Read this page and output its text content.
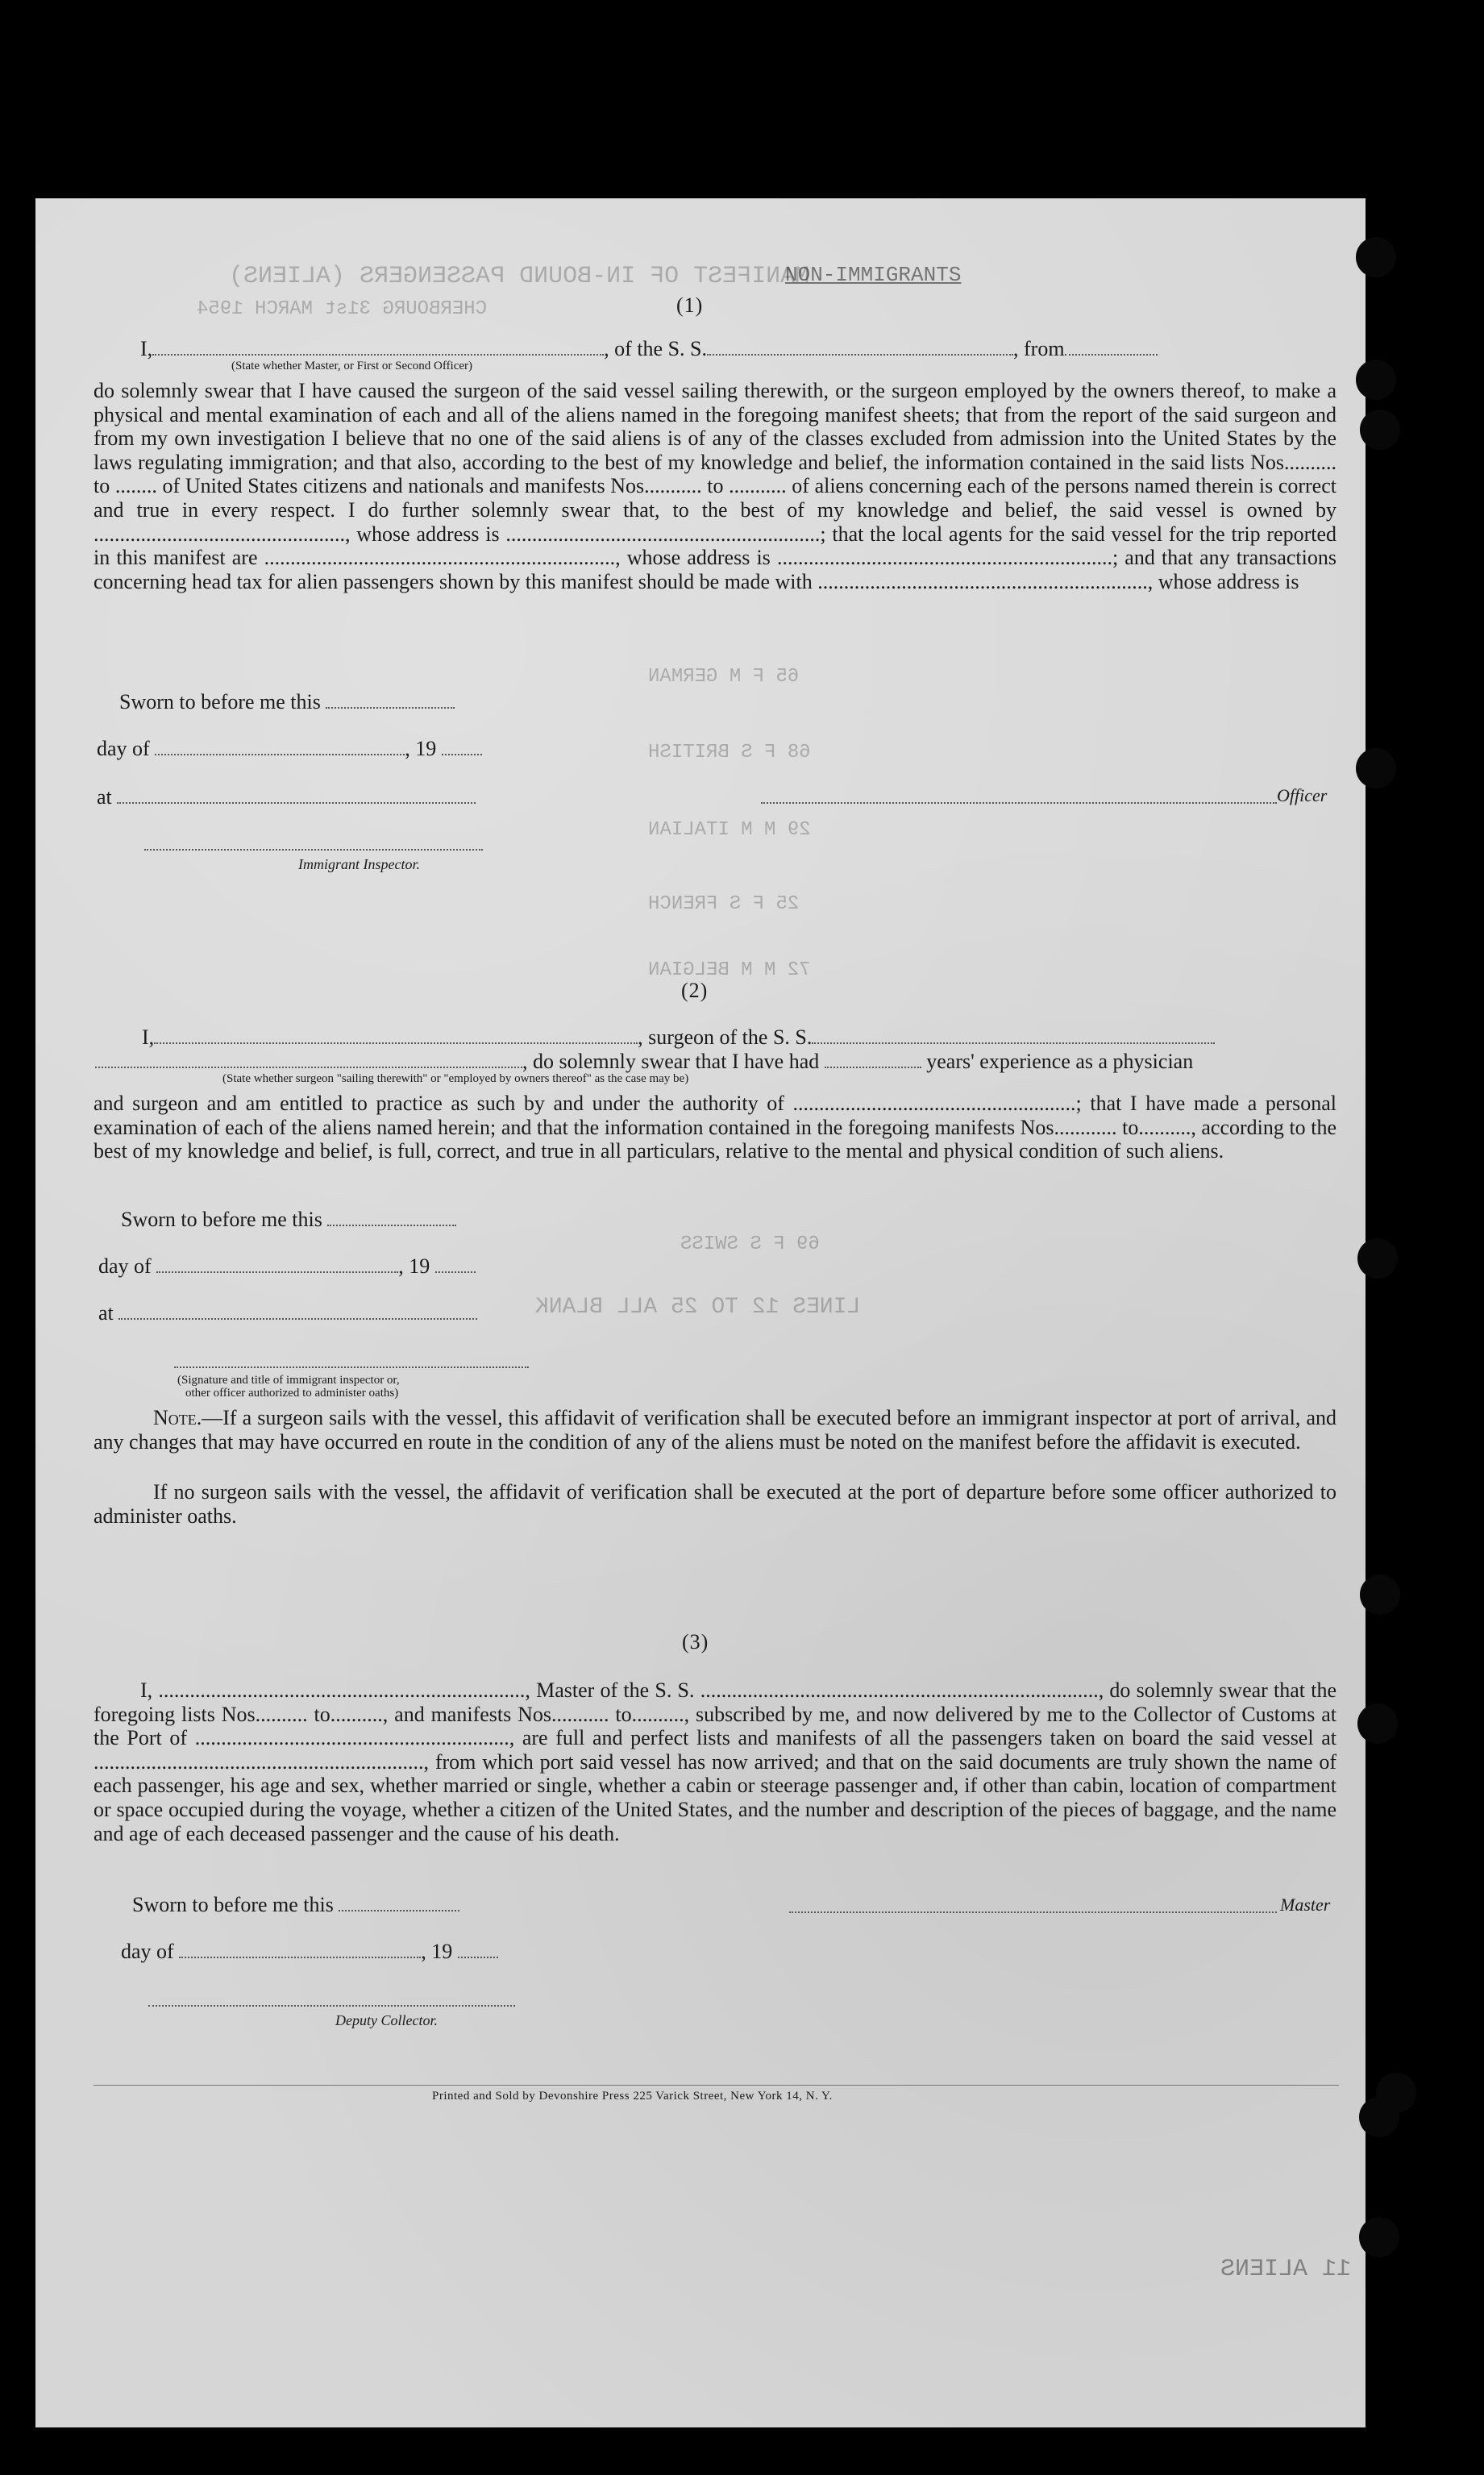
MANIFEST OF IN-BOUND PASSENGERS (ALIENS)
NON-IMMIGRANTS
CHERBOURG 31st MARCH 1954
65 F M GERMAN
68 F S BRITISH
29 M M ITALIAN
25 F S FRENCH
72 M M BELGIAN
69 F S SWISS
LINES 12 TO 25 ALL BLANK
11 ALIENS
(1)
I,	, of the S. S.	, from
(State whether Master, or First or Second Officer)
do solemnly swear that I have caused the surgeon of the said vessel sailing therewith, or the surgeon employed by the owners thereof, to make a physical and mental examination of each and all of the aliens named in the foregoing manifest sheets; that from the report of the said surgeon and from my own investigation I believe that no one of the said aliens is of any of the classes excluded from admission into the United States by the laws regulating immigration; and that also, according to the best of my knowledge and belief, the information contained in the said lists Nos.......... to ........ of United States citizens and nationals and manifests Nos........... to ........... of aliens concerning each of the persons named therein is correct and true in every respect. I do further solemnly swear that, to the best of my knowledge and belief, the said vessel is owned by ................................................, whose address is ............................................................; that the local agents for the said vessel for the trip reported in this manifest are ..................................................................., whose address is ................................................................; and that any transactions concerning head tax for alien passengers shown by this manifest should be made with ..............................................................., whose address is
Sworn to before me this
day of	, 19
at	Officer
Immigrant Inspector.
(2)
I,	, surgeon of the S. S.
, do solemnly swear that I have had	years' experience as a physician
(State whether surgeon "sailing therewith" or "employed by owners thereof" as the case may be)
and surgeon and am entitled to practice as such by and under the authority of ......................................................; that I have made a personal examination of each of the aliens named herein; and that the information contained in the foregoing manifests Nos............ to.........., according to the best of my knowledge and belief, is full, correct, and true in all particulars, relative to the mental and physical condition of such aliens.
Sworn to before me this
day of	, 19
at
(Signature and title of immigrant inspector or,
other officer authorized to administer oaths)
Note.—If a surgeon sails with the vessel, this affidavit of verification shall be executed before an immigrant inspector at port of arrival, and any changes that may have occurred en route in the condition of any of the aliens must be noted on the manifest before the affidavit is executed.
If no surgeon sails with the vessel, the affidavit of verification shall be executed at the port of departure before some officer authorized to administer oaths.
(3)
I, ......................................................................, Master of the S. S. ............................................................................, do solemnly swear that the foregoing lists Nos.......... to.........., and manifests Nos........... to.........., subscribed by me, and now delivered by me to the Collector of Customs at the Port of ............................................................, are full and perfect lists and manifests of all the passengers taken on board the said vessel at ..............................................................., from which port said vessel has now arrived; and that on the said documents are truly shown the name of each passenger, his age and sex, whether married or single, whether a cabin or steerage passenger and, if other than cabin, location of compartment or space occupied during the voyage, whether a citizen of the United States, and the number and description of the pieces of baggage, and the name and age of each deceased passenger and the cause of his death.
Sworn to before me this	Master
day of	, 19
Deputy Collector.
Printed and Sold by Devonshire Press 225 Varick Street, New York 14, N. Y.
